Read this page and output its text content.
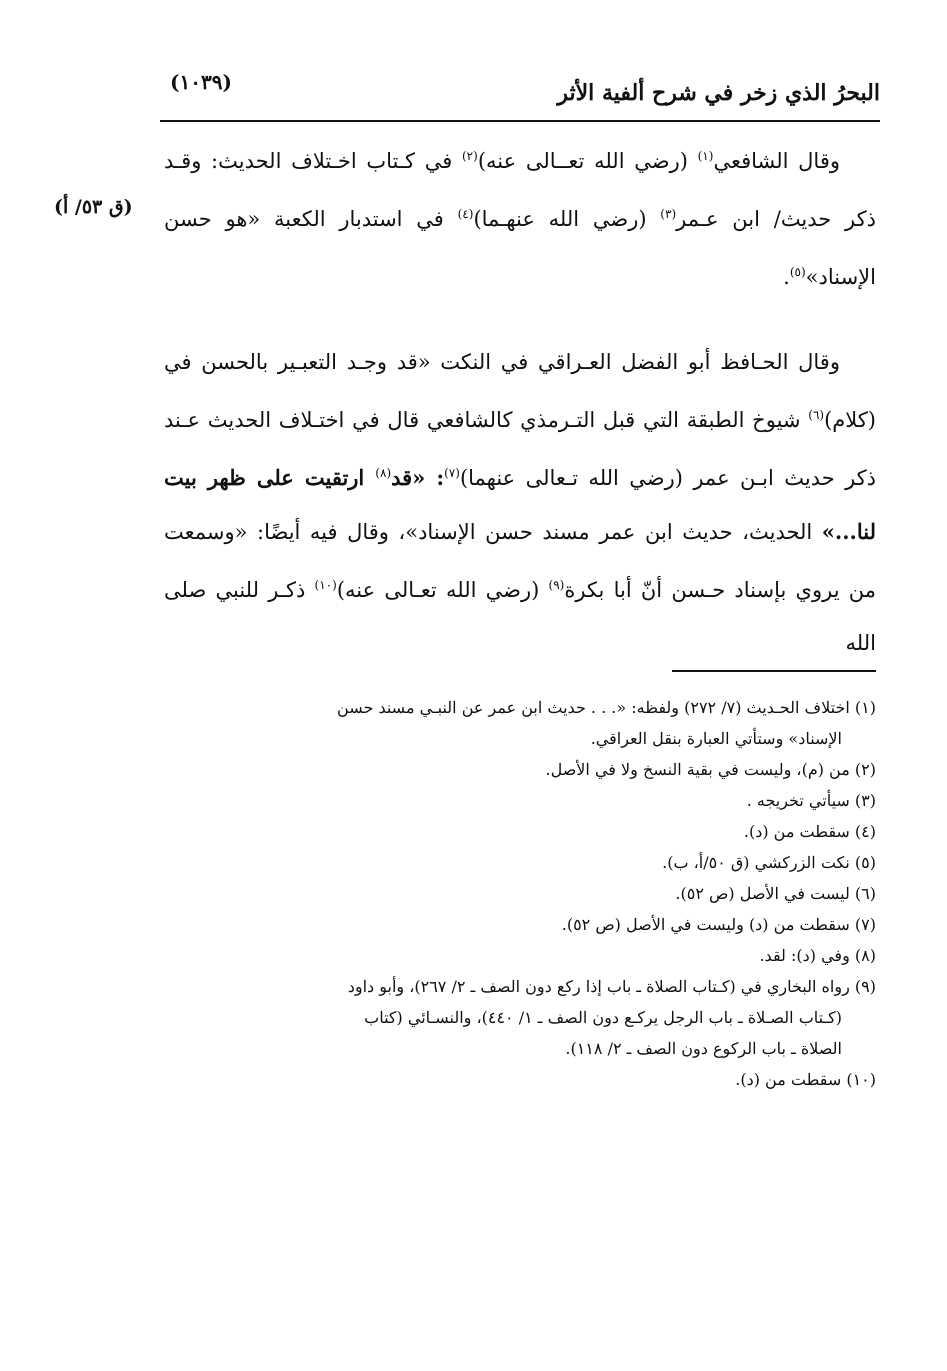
البحرُ الذي زخر في شرح ألفية الأثر
(١٠٣٩)
(ق ٥٣/ أ)

وقال الشافعي$^{(١)}$ (رضي الله تعــالى عنه)$^{(٢)}$ في كـتاب اخـتلاف الحديث: وقـد ذكر حديث/ ابن عـمر$^{(٣)}$ (رضي الله عنهـما)$^{(٤)}$ في استدبار الكعبة «هو حسن الإسناد»$^{(٥)}$.

وقال الحـافظ أبو الفضل العـراقي في النكت «قد وجـد التعبـير بالحسن في (كلام)$^{(٦)}$ شيوخ الطبقة التي قبل التـرمذي كالشافعي قال في اختـلاف الحديث عـند ذكر حديث ابـن عمر (رضي الله تـعالى عنهما)$^{(٧)}$: «قد$^{(٨)}$ ارتقيت على ظهر بيت لنا...» الحديث، حديث ابن عمر مسند حسن الإسناد»، وقال فيه أيضًا: «وسمعت من يروي بإسناد حـسن أنّ أبا بكرة$^{(٩)}$ (رضي الله تعـالى عنه)$^{(١٠)}$ ذكـر للنبي صلى الله

(١) اختلاف الحـديث (٧/ ٢٧٢) ولفظه: «. . . حديث ابن عمر عن النبـي مسند حسن
الإسناد» وستأتي العبارة بنقل العراقي.
(٢) من (م)، وليست في بقية النسخ ولا في الأصل.
(٣) سيأتي تخريجه .
(٤) سقطت من (د).
(٥) نكت الزركشي (ق ٥٠/أ، ب).
(٦) ليست في الأصل (ص ٥٢).
(٧) سقطت من (د) وليست في الأصل (ص ٥٢).
(٨) وفي (د): لقد.
(٩) رواه البخاري في (كـتاب الصلاة ـ باب إذا ركع دون الصف ـ ٢/ ٢٦٧)، وأبو داود
(كـتاب الصـلاة ـ باب الرجل يركـع دون الصف ـ ١/ ٤٤٠)، والنسـائي (كتاب
الصلاة ـ باب الركوع دون الصف ـ ٢/ ١١٨).
(١٠) سقطت من (د).
